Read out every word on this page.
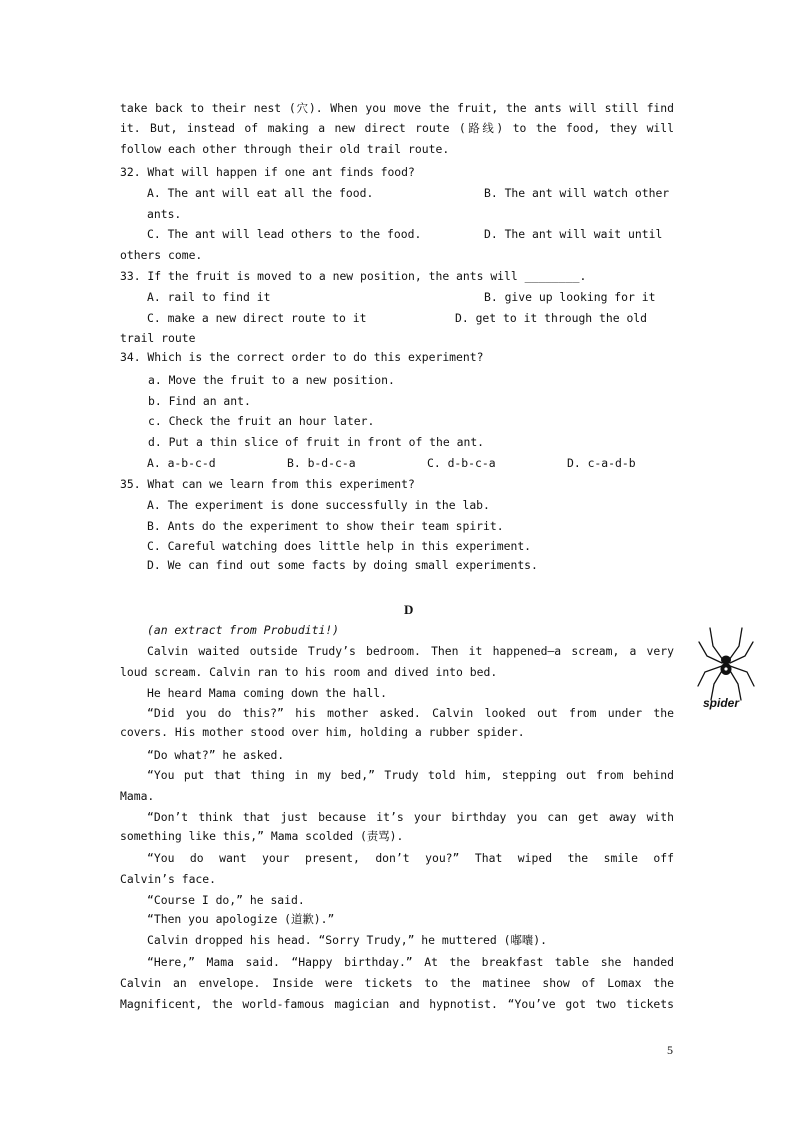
take back to their nest (穴). When you move the fruit, the ants will still find
it. But, instead of making a new direct route (路线) to the food, they will
follow each other through their old trail route.
32. What will happen if one ant finds food?
A. The ant will eat all the food.	B. The ant will watch other
ants.
C. The ant will lead others to the food.	D. The ant will wait until
others come.
33. If the fruit is moved to a new position, the ants will ________.
A. rail to find it	B. give up looking for it
C. make a new direct route to it	D. get to it through the old
trail route
34. Which is the correct order to do this experiment?
a. Move the fruit to a new position.
b. Find an ant.
c. Check the fruit an hour later.
d. Put a thin slice of fruit in front of the ant.
A. a-b-c-d	B. b-d-c-a	C. d-b-c-a	D. c-a-d-b
35. What can we learn from this experiment?
A. The experiment is done successfully in the lab.
B. Ants do the experiment to show their team spirit.
C. Careful watching does little help in this experiment.
D. We can find out some facts by doing small experiments.
D
(an extract from Probuditi!)
Calvin waited outside Trudy’s bedroom. Then it happened—a scream, a very
loud scream. Calvin ran to his room and dived into bed.
He heard Mama coming down the hall.
“Did you do this?” his mother asked. Calvin looked out from under the
covers. His mother stood over him, holding a rubber spider.
“Do what?” he asked.
“You put that thing in my bed,” Trudy told him, stepping out from behind
Mama.
“Don’t think that just because it’s your birthday you can get away with
something like this,” Mama scolded (责骂).
“You do want your present, don’t you?” That wiped the smile off
Calvin’s face.
“Course I do,” he said.
“Then you apologize (道歉).”
Calvin dropped his head. “Sorry Trudy,” he muttered (嘟囔).
“Here,” Mama said. “Happy birthday.” At the breakfast table she handed
Calvin an envelope. Inside were tickets to the matinee show of Lomax the
Magnificent, the world-famous magician and hypnotist. “You’ve got two tickets
spider
5
